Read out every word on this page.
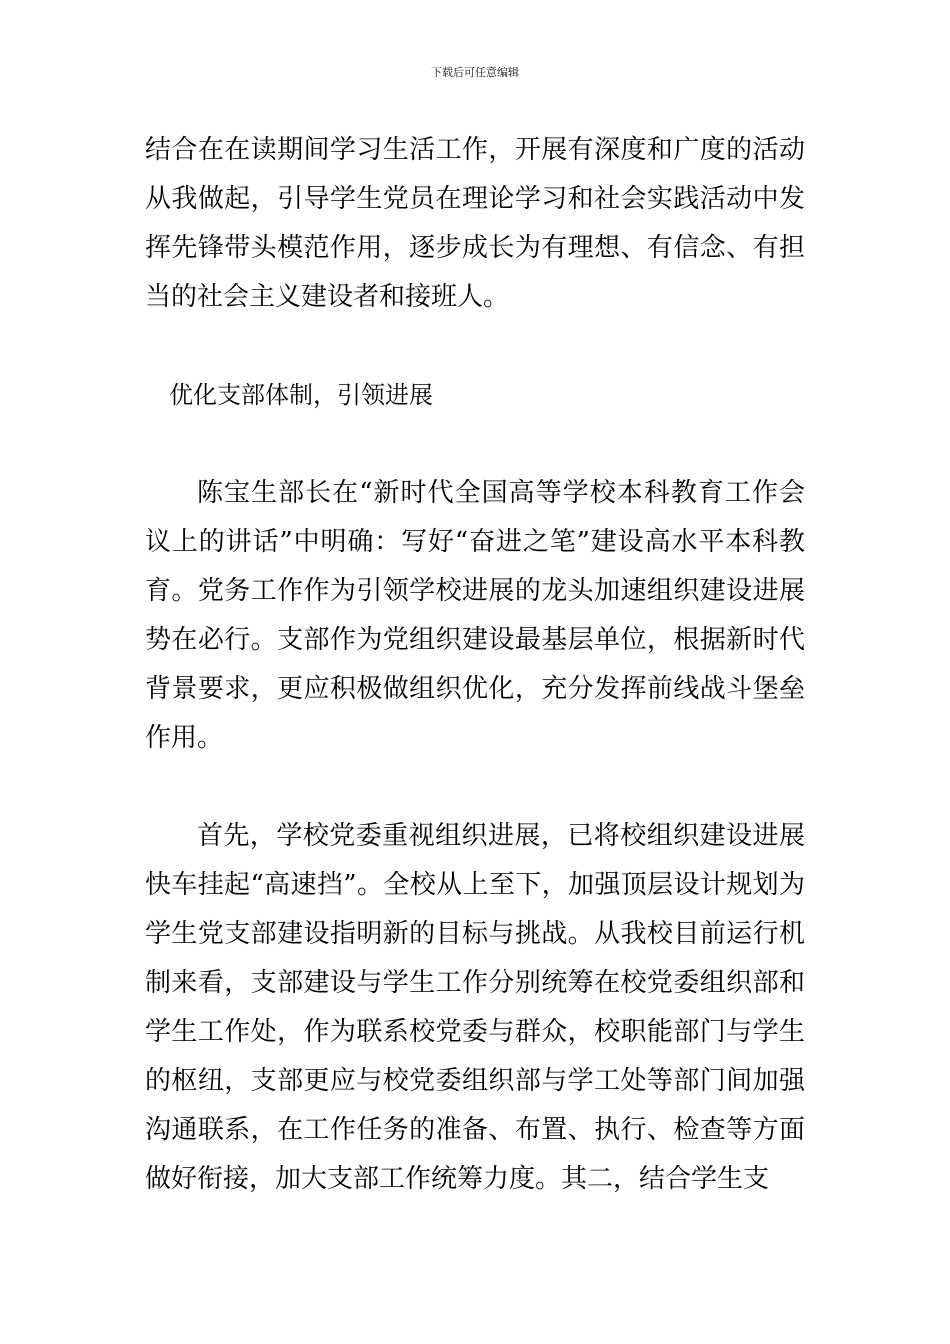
下载后可任意编辑

结合在在读期间学习生活工作，开展有深度和广度的活动从我做起，引导学生党员在理论学习和社会实践活动中发挥先锋带头模范作用，逐步成长为有理想、有信念、有担当的社会主义建设者和接班人。

优化支部体制，引领进展

陈宝生部长在“新时代全国高等学校本科教育工作会议上的讲话”中明确：写好“奋进之笔”建设高水平本科教育。党务工作作为引领学校进展的龙头加速组织建设进展势在必行。支部作为党组织建设最基层单位，根据新时代背景要求，更应积极做组织优化，充分发挥前线战斗堡垒作用。

首先，学校党委重视组织进展，已将校组织建设进展快车挂起“高速挡”。全校从上至下，加强顶层设计规划为学生党支部建设指明新的目标与挑战。从我校目前运行机制来看，支部建设与学生工作分别统筹在校党委组织部和学生工作处，作为联系校党委与群众，校职能部门与学生的枢纽，支部更应与校党委组织部与学工处等部门间加强沟通联系，在工作任务的准备、布置、执行、检查等方面做好衔接，加大支部工作统筹力度。其二，结合学生支
